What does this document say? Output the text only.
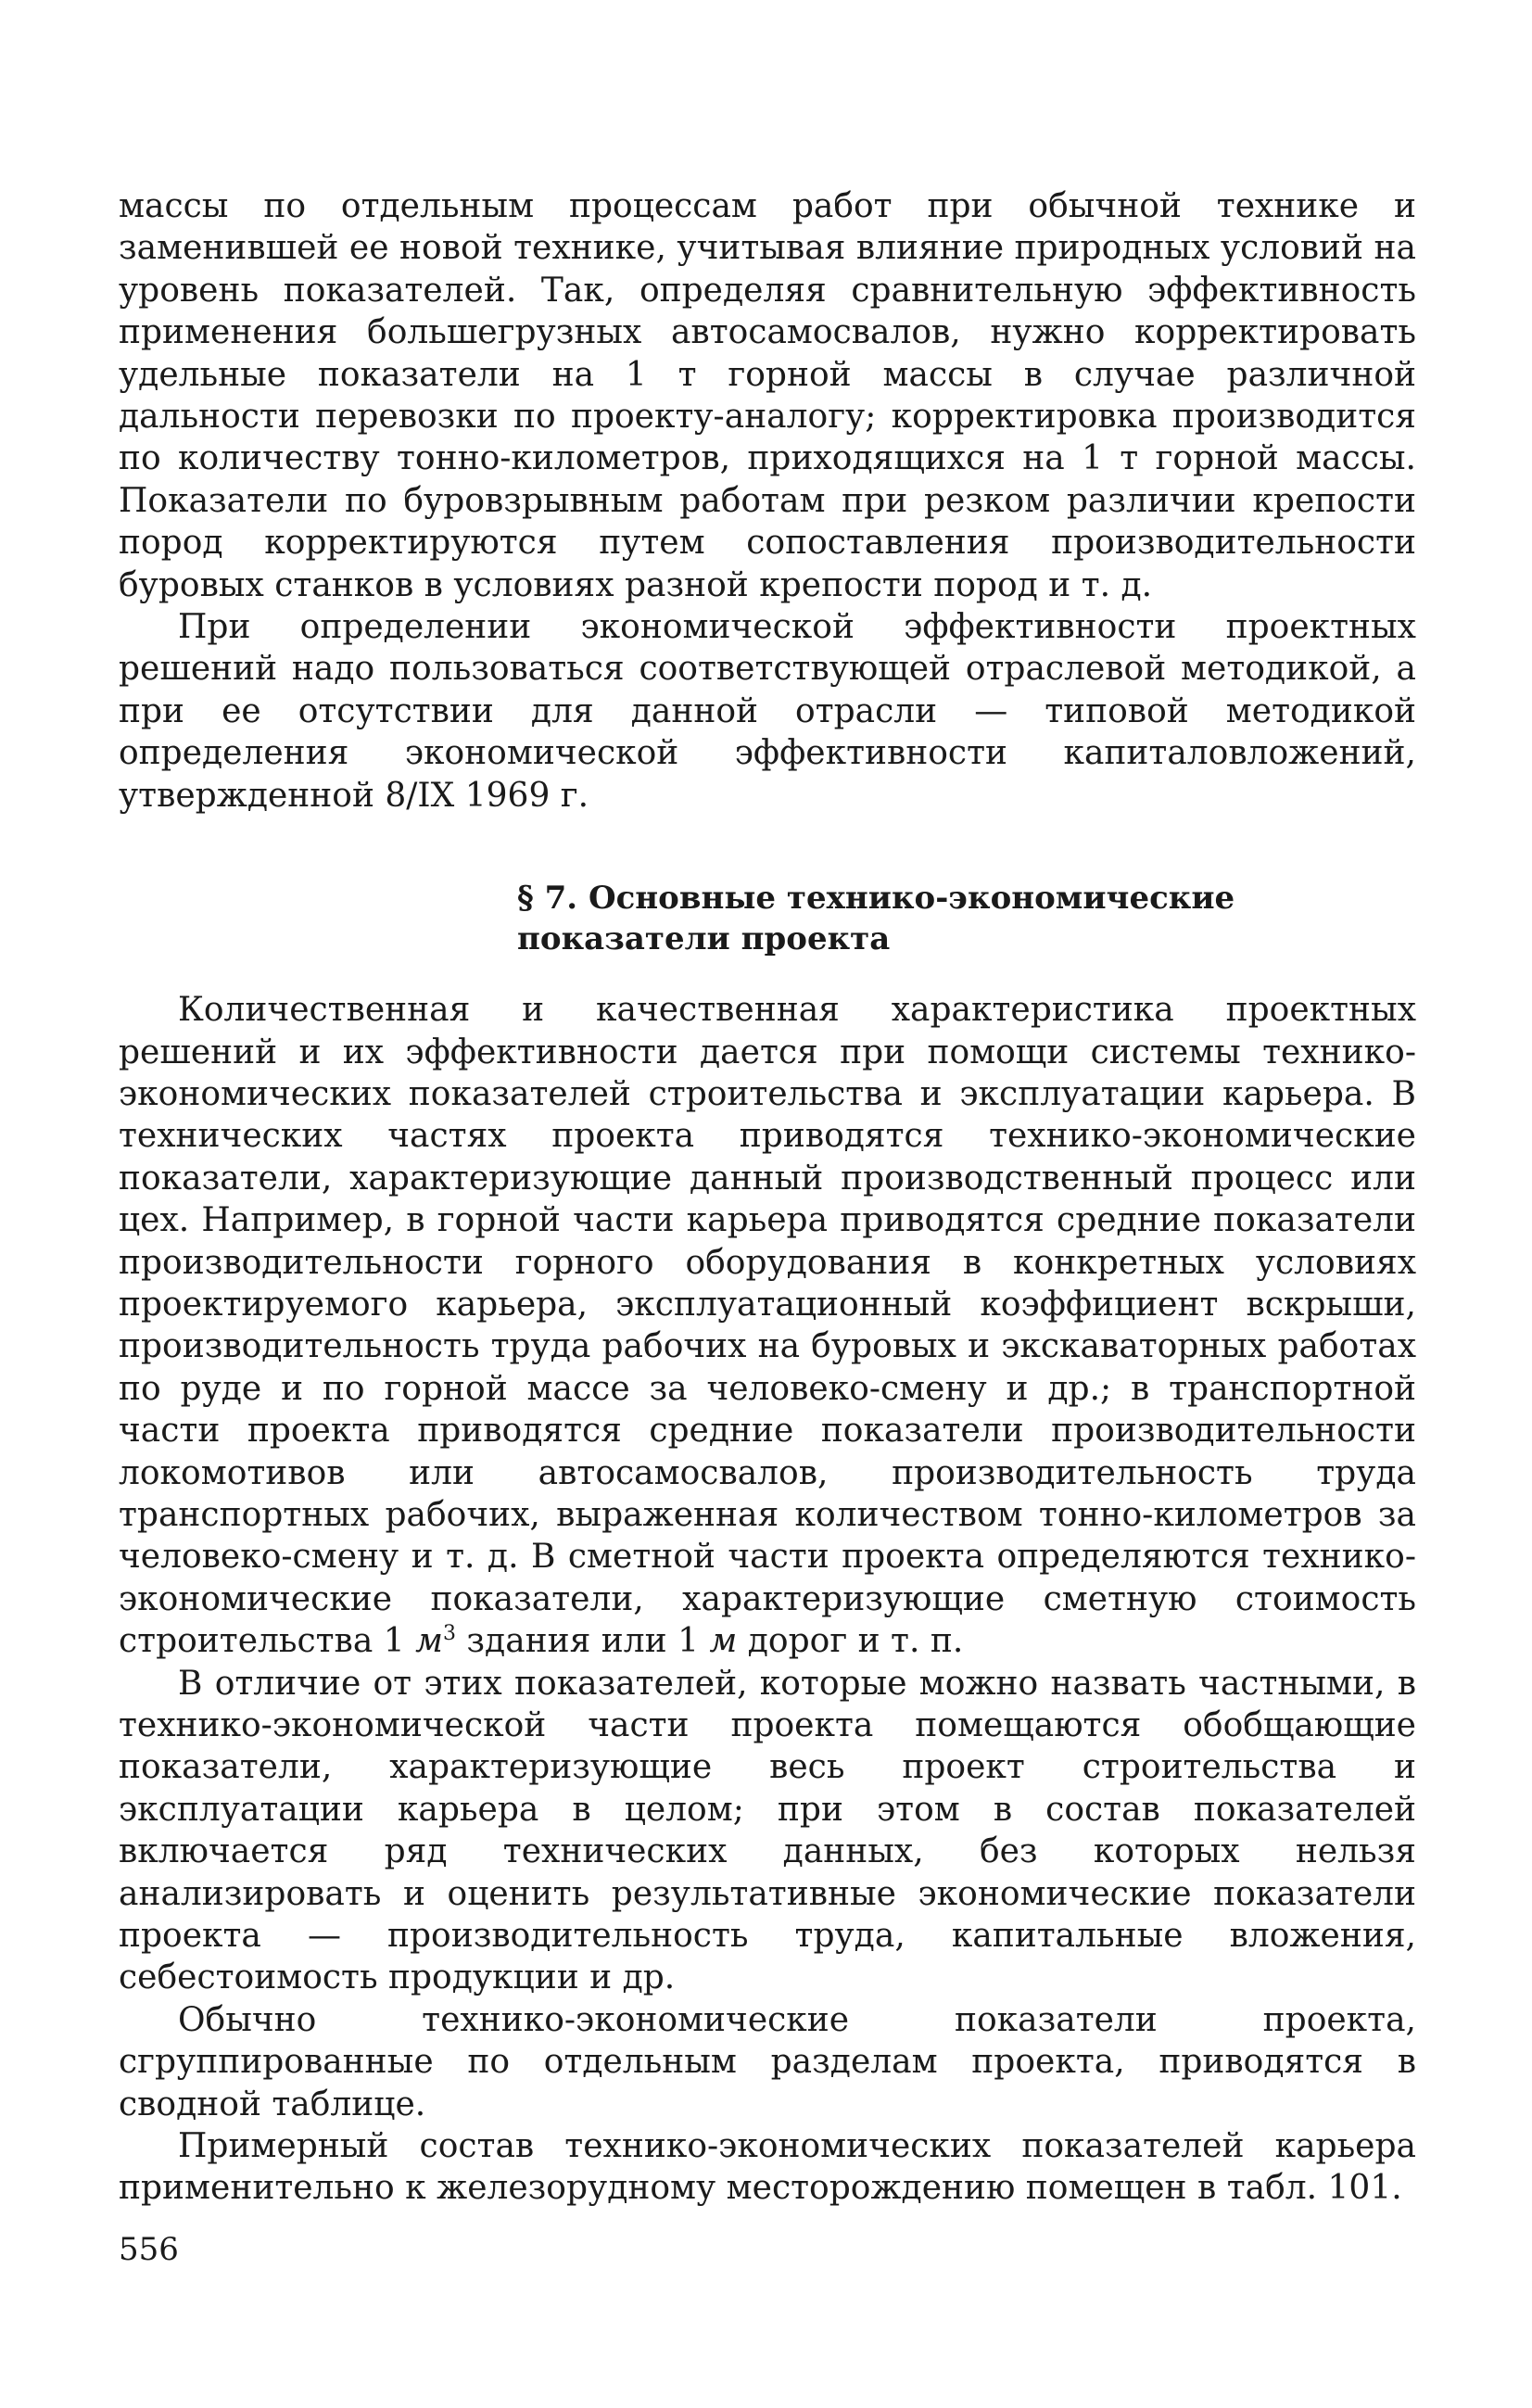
массы по отдельным процессам работ при обычной технике и заменившей ее новой технике, учитывая влияние природных условий на уровень показателей. Так, определяя сравнительную эффективность применения большегрузных автосамосвалов, нужно корректировать удельные показатели на 1 т горной массы в случае различной дальности перевозки по проекту-аналогу; корректировка производится по количеству тонно-километров, приходящихся на 1 т горной массы. Показатели по буровзрывным работам при резком различии крепости пород корректируются путем сопоставления производительности буровых станков в условиях разной крепости пород и т. д.

При определении экономической эффективности проектных решений надо пользоваться соответствующей отраслевой методикой, а при ее отсутствии для данной отрасли — типовой методикой определения экономической эффективности капиталовложений, утвержденной 8/IX 1969 г.

§ 7. Основные технико-экономические
показатели проекта

Количественная и качественная характеристика проектных решений и их эффективности дается при помощи системы технико-экономических показателей строительства и эксплуатации карьера. В технических частях проекта приводятся технико-экономические показатели, характеризующие данный производственный процесс или цех. Например, в горной части карьера приводятся средние показатели производительности горного оборудования в конкретных условиях проектируемого карьера, эксплуатационный коэффициент вскрыши, производительность труда рабочих на буровых и экскаваторных работах по руде и по горной массе за человеко-смену и др.; в транспортной части проекта приводятся средние показатели производительности локомотивов или автосамосвалов, производительность труда транспортных рабочих, выраженная количеством тонно-километров за человеко-смену и т. д. В сметной части проекта определяются технико-экономические показатели, характеризующие сметную стоимость строительства 1 $м^3$ здания или 1 м дорог и т. п.

В отличие от этих показателей, которые можно назвать частными, в технико-экономической части проекта помещаются обобщающие показатели, характеризующие весь проект строительства и эксплуатации карьера в целом; при этом в состав показателей включается ряд технических данных, без которых нельзя анализировать и оценить результативные экономические показатели проекта — производительность труда, капитальные вложения, себестоимость продукции и др.

Обычно технико-экономические показатели проекта, сгруппированные по отдельным разделам проекта, приводятся в сводной таблице.

Примерный состав технико-экономических показателей карьера применительно к железорудному месторождению помещен в табл. 101.

556
